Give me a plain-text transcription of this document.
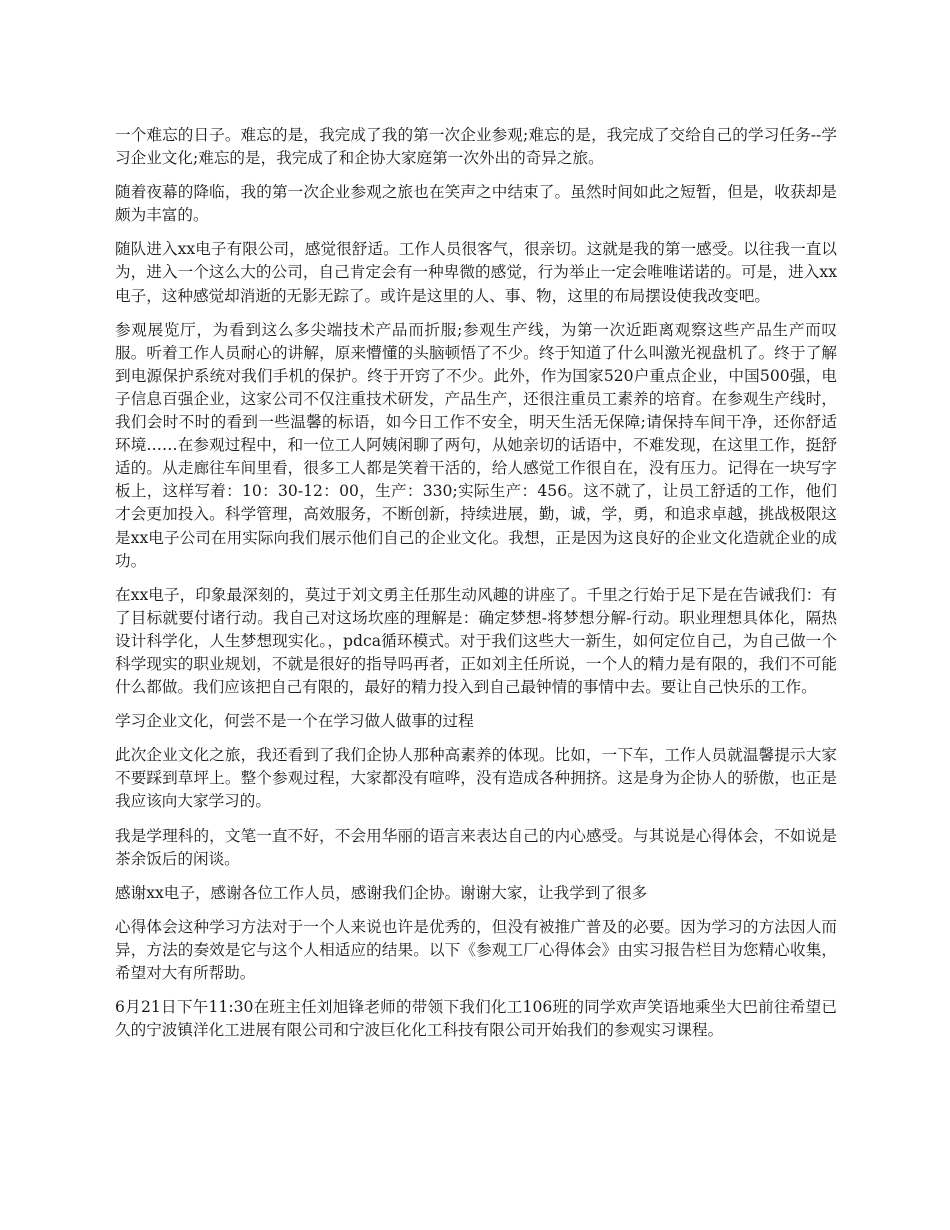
一个难忘的日子。难忘的是，我完成了我的第一次企业参观;难忘的是，我完成了交给自己的学习任务--学习企业文化;难忘的是，我完成了和企协大家庭第一次外出的奇异之旅。

随着夜幕的降临，我的第一次企业参观之旅也在笑声之中结束了。虽然时间如此之短暂，但是，收获却是颇为丰富的。

随队进入xx电子有限公司，感觉很舒适。工作人员很客气，很亲切。这就是我的第一感受。以往我一直以为，进入一个这么大的公司，自己肯定会有一种卑微的感觉，行为举止一定会唯唯诺诺的。可是，进入xx电子，这种感觉却消逝的无影无踪了。或许是这里的人、事、物，这里的布局摆设使我改变吧。

参观展览厅，为看到这么多尖端技术产品而折服;参观生产线，为第一次近距离观察这些产品生产而叹服。听着工作人员耐心的讲解，原来懵懂的头脑顿悟了不少。终于知道了什么叫激光视盘机了。终于了解到电源保护系统对我们手机的保护。终于开窍了不少。此外，作为国家520户重点企业，中国500强，电子信息百强企业，这家公司不仅注重技术研发，产品生产，还很注重员工素养的培育。在参观生产线时，我们会时不时的看到一些温馨的标语，如今日工作不安全，明天生活无保障;请保持车间干净，还你舒适环境……在参观过程中，和一位工人阿姨闲聊了两句，从她亲切的话语中，不难发现，在这里工作，挺舒适的。从走廊往车间里看，很多工人都是笑着干活的，给人感觉工作很自在，没有压力。记得在一块写字板上，这样写着：10：30-12：00，生产：330;实际生产：456。这不就了，让员工舒适的工作，他们才会更加投入。科学管理，高效服务，不断创新，持续进展，勤，诚，学，勇，和追求卓越，挑战极限这是xx电子公司在用实际向我们展示他们自己的企业文化。我想，正是因为这良好的企业文化造就企业的成功。

在xx电子，印象最深刻的，莫过于刘文勇主任那生动风趣的讲座了。千里之行始于足下是在告诫我们：有了目标就要付诸行动。我自己对这场坎座的理解是：确定梦想-将梦想分解-行动。职业理想具体化，隔热设计科学化，人生梦想现实化。，pdca循环模式。对于我们这些大一新生，如何定位自己，为自己做一个科学现实的职业规划，不就是很好的指导吗再者，正如刘主任所说，一个人的精力是有限的，我们不可能什么都做。我们应该把自己有限的，最好的精力投入到自己最钟情的事情中去。要让自己快乐的工作。

学习企业文化，何尝不是一个在学习做人做事的过程

此次企业文化之旅，我还看到了我们企协人那种高素养的体现。比如，一下车，工作人员就温馨提示大家不要踩到草坪上。整个参观过程，大家都没有喧哗，没有造成各种拥挤。这是身为企协人的骄傲，也正是我应该向大家学习的。

我是学理科的，文笔一直不好，不会用华丽的语言来表达自己的内心感受。与其说是心得体会，不如说是茶余饭后的闲谈。

感谢xx电子，感谢各位工作人员，感谢我们企协。谢谢大家，让我学到了很多

心得体会这种学习方法对于一个人来说也许是优秀的，但没有被推广普及的必要。因为学习的方法因人而异，方法的奏效是它与这个人相适应的结果。以下《参观工厂心得体会》由实习报告栏目为您精心收集，希望对大有所帮助。

6月21日下午11:30在班主任刘旭锋老师的带领下我们化工106班的同学欢声笑语地乘坐大巴前往希望已久的宁波镇洋化工进展有限公司和宁波巨化化工科技有限公司开始我们的参观实习课程。
